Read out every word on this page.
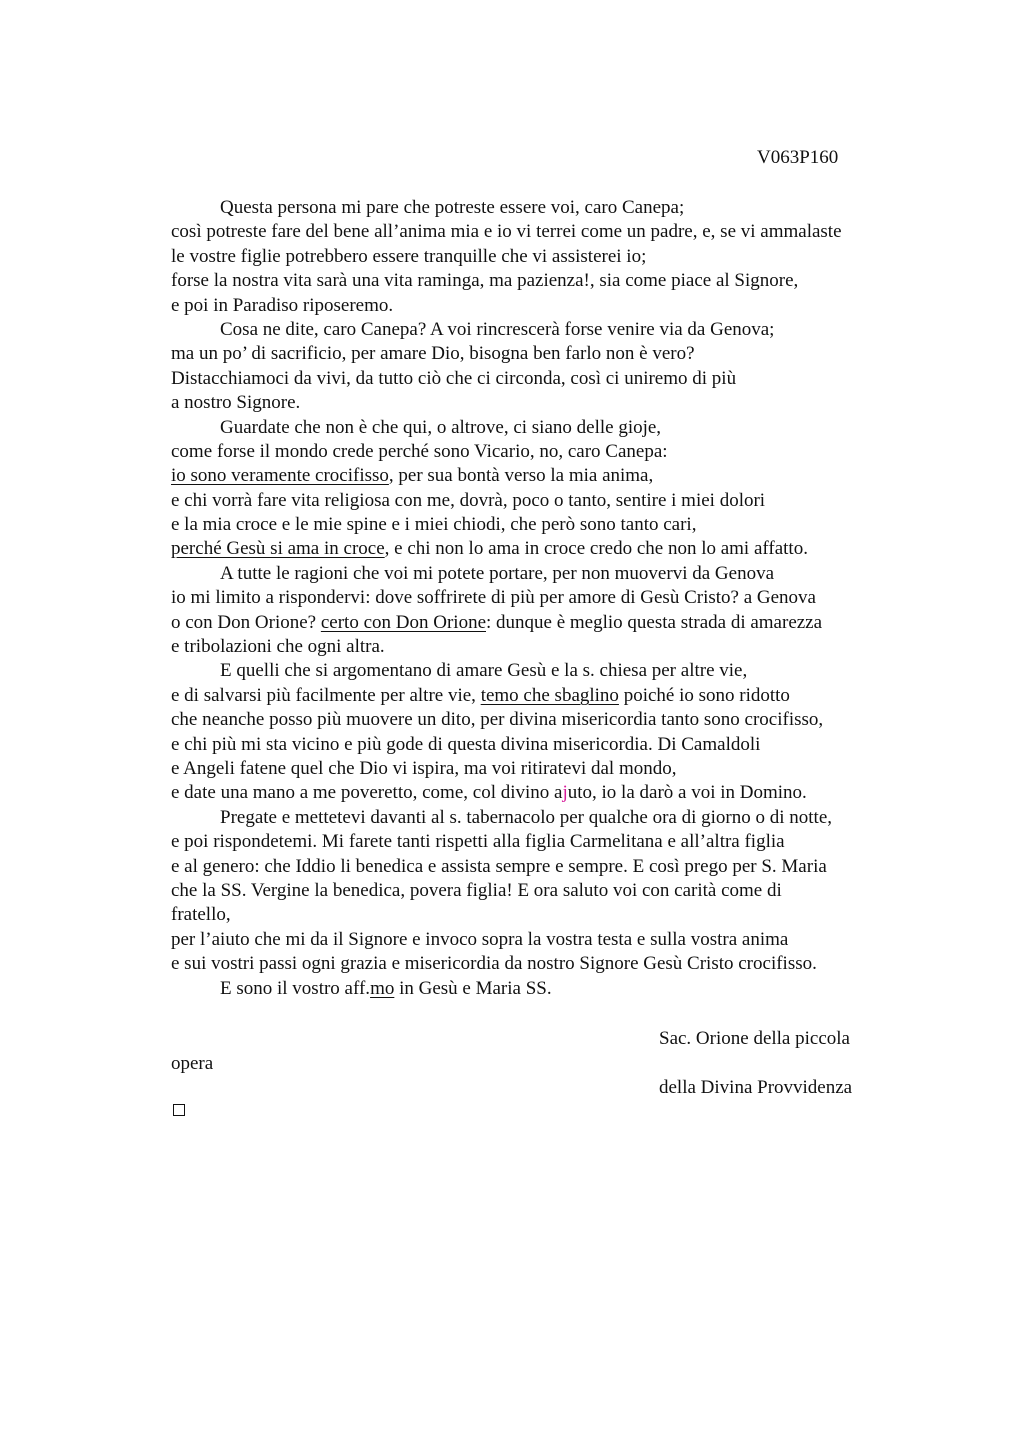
V063P160
Questa persona mi pare che potreste essere voi, caro Canepa;
così potreste fare del bene all’anima mia e io vi terrei come un padre, e, se vi ammalaste
le vostre figlie potrebbero essere tranquille che vi assisterei io;
forse la nostra vita sarà una vita raminga, ma pazienza!, sia come piace al Signore,
e poi in Paradiso riposeremo.
Cosa ne dite, caro Canepa? A voi rincrescerà forse venire via da Genova;
ma un po’ di sacrificio, per amare Dio, bisogna ben farlo non è vero?
Distacchiamoci da vivi, da tutto ciò che ci circonda, così ci uniremo di più
a nostro Signore.
Guardate che non è che qui, o altrove, ci siano delle gioje,
come forse il mondo crede perché sono Vicario, no, caro Canepa:
io sono veramente crocifisso, per sua bontà verso la mia anima,
e chi vorrà fare vita religiosa con me, dovrà, poco o tanto, sentire i miei dolori
e la mia croce e le mie spine e i miei chiodi, che però sono tanto cari,
perché Gesù si ama in croce, e chi non lo ama in croce credo che non lo ami affatto.
A tutte le ragioni che voi mi potete portare, per non muovervi da Genova
io mi limito a rispondervi: dove soffrirete di più per amore di Gesù Cristo? a Genova
o con Don Orione? certo con Don Orione: dunque è meglio questa strada di amarezza
e tribolazioni che ogni altra.
E quelli che si argomentano di amare Gesù e la s. chiesa per altre vie,
e di salvarsi più facilmente per altre vie, temo che sbaglino poiché io sono ridotto
che neanche posso più muovere un dito, per divina misericordia tanto sono crocifisso,
e chi più mi sta vicino e più gode di questa divina misericordia. Di Camaldoli
e Angeli fatene quel che Dio vi ispira, ma voi ritiratevi dal mondo,
e date una mano a me poveretto, come, col divino ajuto, io la darò a voi in Domino.
Pregate e mettetevi davanti al s. tabernacolo per qualche ora di giorno o di notte,
e poi rispondetemi. Mi farete tanti rispetti alla figlia Carmelitana e all’altra figlia
e al genero: che Iddio li benedica e assista sempre e sempre. E così prego per S. Maria
che la SS. Vergine la benedica, povera figlia! E ora saluto voi con carità come di
fratello,
per l’aiuto che mi da il Signore e invoco sopra la vostra testa e sulla vostra anima
e sui vostri passi ogni grazia e misericordia da nostro Signore Gesù Cristo crocifisso.
E sono il vostro aff.mo in Gesù e Maria SS.
Sac. Orione della piccola
opera
della Divina Provvidenza
